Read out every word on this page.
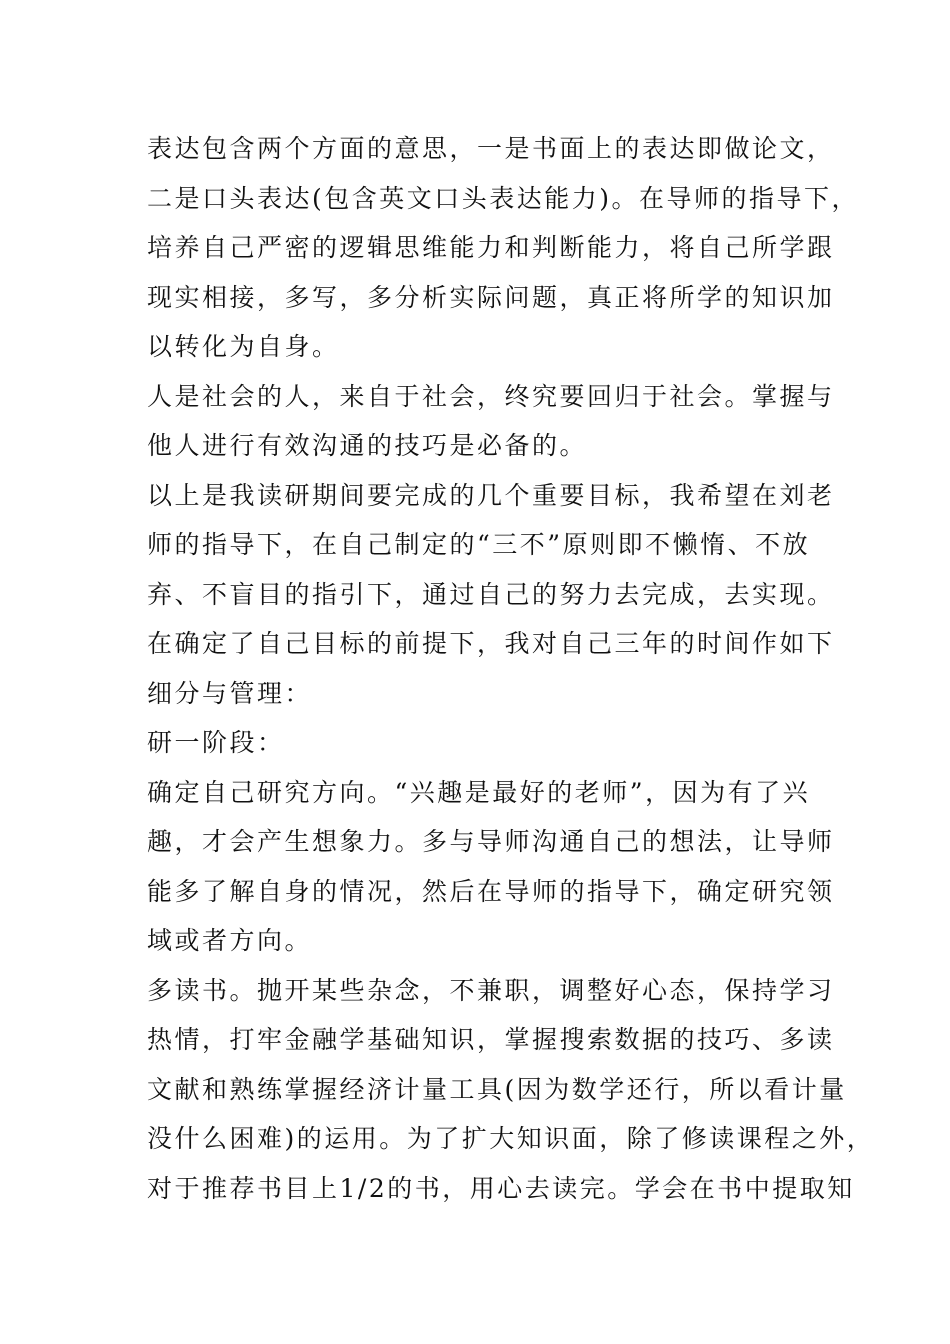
表达包含两个方面的意思，一是书面上的表达即做论文，
二是口头表达(包含英文口头表达能力)。在导师的指导下，
培养自己严密的逻辑思维能力和判断能力，将自己所学跟
现实相接，多写，多分析实际问题，真正将所学的知识加
以转化为自身。
人是社会的人，来自于社会，终究要回归于社会。掌握与
他人进行有效沟通的技巧是必备的。
以上是我读研期间要完成的几个重要目标，我希望在刘老
师的指导下，在自己制定的“三不”原则即不懒惰、不放
弃、不盲目的指引下，通过自己的努力去完成，去实现。
在确定了自己目标的前提下，我对自己三年的时间作如下
细分与管理：
研一阶段：
确定自己研究方向。“兴趣是最好的老师”，因为有了兴
趣，才会产生想象力。多与导师沟通自己的想法，让导师
能多了解自身的情况，然后在导师的指导下，确定研究领
域或者方向。
多读书。抛开某些杂念，不兼职，调整好心态，保持学习
热情，打牢金融学基础知识，掌握搜索数据的技巧、多读
文献和熟练掌握经济计量工具(因为数学还行，所以看计量
没什么困难)的运用。为了扩大知识面，除了修读课程之外，
对于推荐书目上1/2的书，用心去读完。学会在书中提取知
